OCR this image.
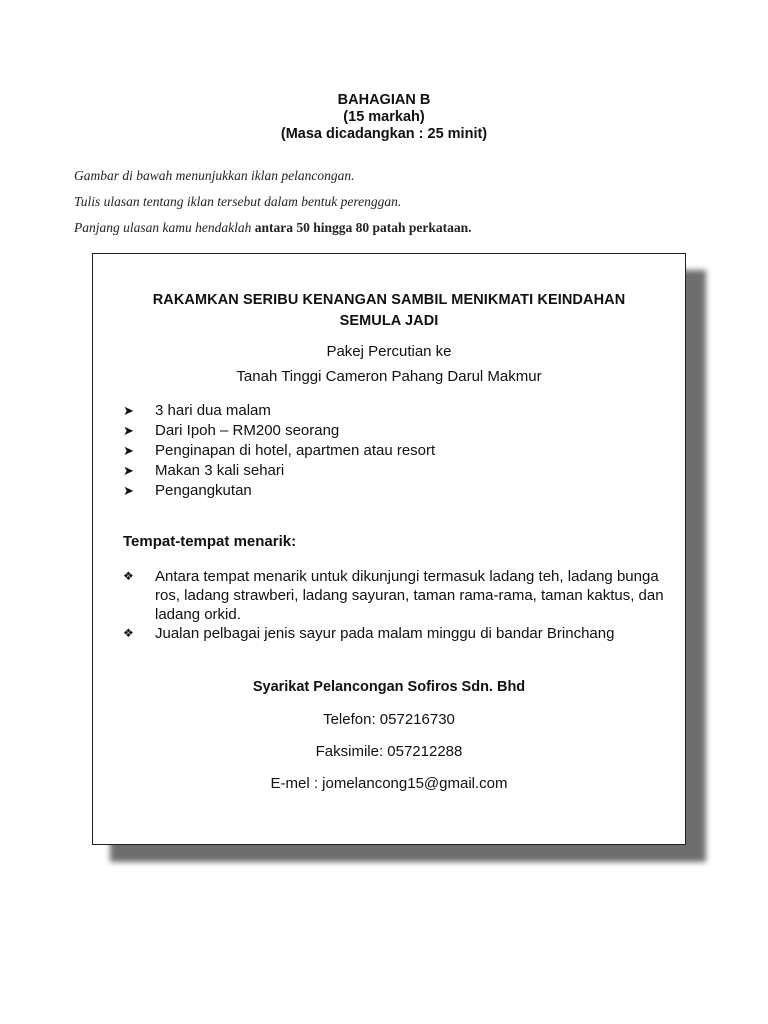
BAHAGIAN B
(15 markah)
(Masa dicadangkan : 25 minit)

Gambar di bawah menunjukkan iklan pelancongan.

Tulis ulasan tentang iklan tersebut dalam bentuk perenggan.

Panjang ulasan kamu hendaklah antara 50 hingga 80 patah perkataan.

RAKAMKAN SERIBU KENANGAN SAMBIL MENIKMATI KEINDAHAN
SEMULA JADI
Pakej Percutian ke
Tanah Tinggi Cameron Pahang Darul Makmur
➤ 3 hari dua malam
➤ Dari Ipoh – RM200 seorang
➤ Penginapan di hotel, apartmen atau resort
➤ Makan 3 kali sehari
➤ Pengangkutan
Tempat-tempat menarik:
❖ Antara tempat menarik untuk dikunjungi termasuk ladang teh, ladang bunga ros, ladang strawberi, ladang sayuran, taman rama-rama, taman kaktus, dan ladang orkid.
❖ Jualan pelbagai jenis sayur pada malam minggu di bandar Brinchang
Syarikat Pelancongan Sofiros Sdn. Bhd
Telefon: 057216730
Faksimile: 057212288
E-mel : jomelancong15@gmail.com
